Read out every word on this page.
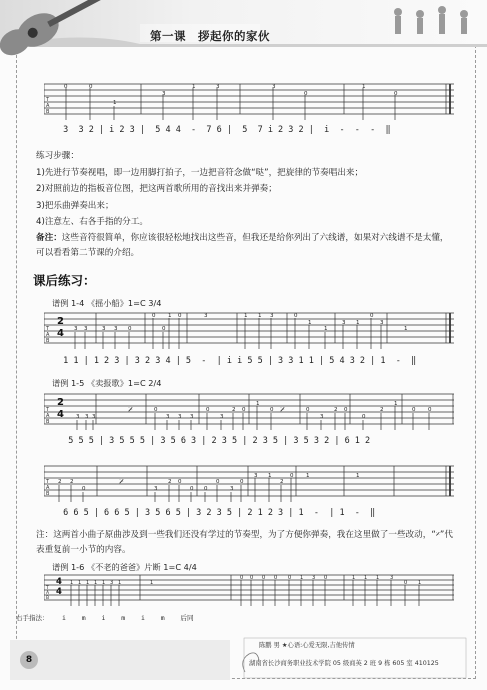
第一课　拶起你的家伙
T
A
B
0	0
1
3
1	3	3
0
1
0
3  3 2 | i 2 3 |  5 4 4  -  7 6 |  5  7 i 2 3 2 |  i  -  -  -  ‖
练习步骤：
1)先进行节奏视唱，即一边用脚打拍子，一边把音符念做“哒”，把旋律的节奏唱出来；
2)对照前边的指板音位图，把这两首歌所用的音找出来并弹奏；
3)把乐曲弹奏出来；
4)注意左、右各手指的分工。
备注：这些音符很简单，你应该很轻松地找出这些音，但我还是给你列出了六线谱，如果对六线谱不是太懂，可以看看第二节课的介绍。
课后练习：
谱例 1-4 《摇小船》1=C 3/4
T
A
B
2
4 3 3	3 3 0
0
0
1 0	3	1 1 3	0
1
1
3 1
0
3
1
1 1 | 1 2 3 | 3 2 3 4 | 5  -  | i i 5 5 | 3 3 1 1 | 5 4 3 2 | 1  -  ‖
谱例 1-5 《卖报歌》1=C 2/4
T
A
B
2
4	𝄎	𝄎
3 3 3
0
3 3 3
0
3
2 0
1
0	0
3
2 0
0
2
1
0 0
5 5 5 | 3 5 5 5 | 3 5 6 3 | 2 3 5 | 2 3 5 | 3 5 3 2 | 6 1 2
T
A
B
𝄎
2 2
0	3
2 0
0 0
0
3
0
3 1
2
0 1	1
6 6 5 | 6 6 5 | 3 5 6 5 | 3 2 3 5 | 2 1 2 3 | 1  -  | 1  -  ‖
注：这两首小曲子原曲涉及到一些我们还没有学过的节奏型，为了方便你弹奏，我在这里做了一些改动，“𝄎”代表重复前一小节的内容。
谱例 1-6 《不老的爸爸》片断 1=C 4/4
T
A
B
4
4
1 1 1 1 1 3 1	1
0 0 0 0 0 1 3 0	1 1 1 3
0 1
右手指法： i  m  i  m  i  m  后同
8
陈鹏 男 ★心语:心爱无限,吉他传情
湖南省长沙商务职业技术学院 05 级商英 2 班 9 栋 605 室 410125
